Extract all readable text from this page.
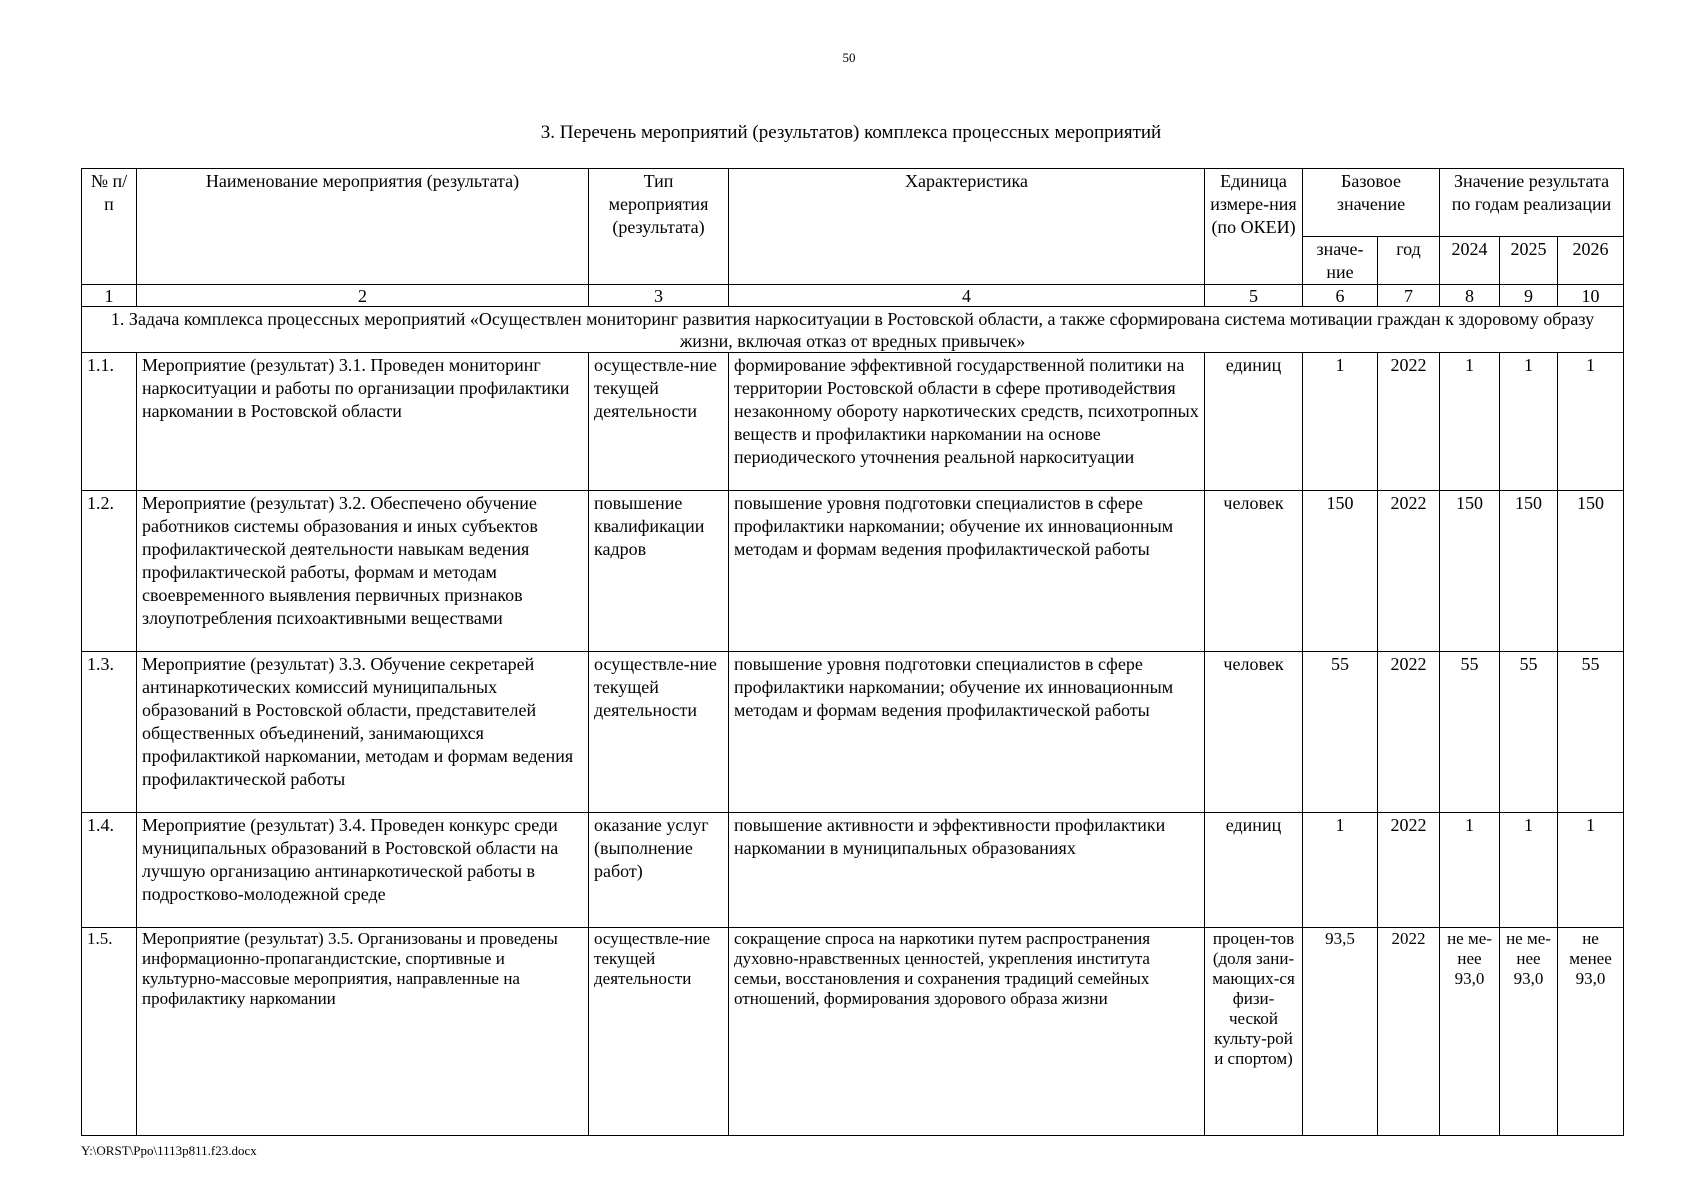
50
3. Перечень мероприятий (результатов) комплекса процессных мероприятий
№ п/п	Наименование мероприятия (результата)	Тип мероприятия (результата)	Характеристика	Единица измере-ния (по ОКЕИ)	Базовое значение		Значение результата по годам реализации		
					значе-ние	год	2024	2025	2026
1	2	3	4	5	6	7	8	9	10
1. Задача комплекса процессных мероприятий «Осуществлен мониторинг развития наркоситуации в Ростовской области, а также сформирована система мотивации граждан к здоровому образу жизни, включая отказ от вредных привычек»									
1.1.	Мероприятие (результат) 3.1. Проведен мониторинг наркоситуации и работы по организации профилактики наркомании в Ростовской области	осуществле-ние текущей деятельности	формирование эффективной государственной политики на территории Ростовской области в сфере противодействия незаконному обороту наркотических средств, психотропных веществ и профилактики наркомании на основе периодического уточнения реальной наркоситуации	единиц	1	2022	1	1	1
1.2.	Мероприятие (результат) 3.2. Обеспечено обучение работников системы образования и иных субъектов профилактической деятельности навыкам ведения профилактической работы, формам и методам своевременного выявления первичных признаков злоупотребления психоактивными веществами	повышение квалификации кадров	повышение уровня подготовки специалистов в сфере профилактики наркомании; обучение их инновационным методам и формам ведения профилактической работы	человек	150	2022	150	150	150
1.3.	Мероприятие (результат) 3.3. Обучение секретарей антинаркотических комиссий муниципальных образований в Ростовской области, представителей общественных объединений, занимающихся профилактикой наркомании, методам и формам ведения профилактической работы	осуществле-ние текущей деятельности	повышение уровня подготовки специалистов в сфере профилактики наркомании; обучение их инновационным методам и формам ведения профилактической работы	человек	55	2022	55	55	55
1.4.	Мероприятие (результат) 3.4. Проведен конкурс среди муниципальных образований в Ростовской области на лучшую организацию антинаркотической работы в подростково-молодежной среде	оказание услуг (выполнение работ)	повышение активности и эффективности профилактики наркомании в муниципальных образованиях	единиц	1	2022	1	1	1
1.5.	Мероприятие (результат) 3.5. Организованы и проведены информационно-пропагандистские, спортивные и культурно-массовые мероприятия, направленные на профилактику наркомании	осуществле-ние текущей деятельности	сокращение спроса на наркотики путем распространения духовно-нравственных ценностей, укрепления института семьи, восстановления и сохранения традиций семейных отношений, формирования здорового образа жизни	процен-тов (доля зани-мающих-ся физи-ческой культу-рой и спортом)	93,5	2022	не ме-нее 93,0	не ме-нее 93,0	не менее 93,0
Y:\ORST\Ppo\1113p811.f23.docx
